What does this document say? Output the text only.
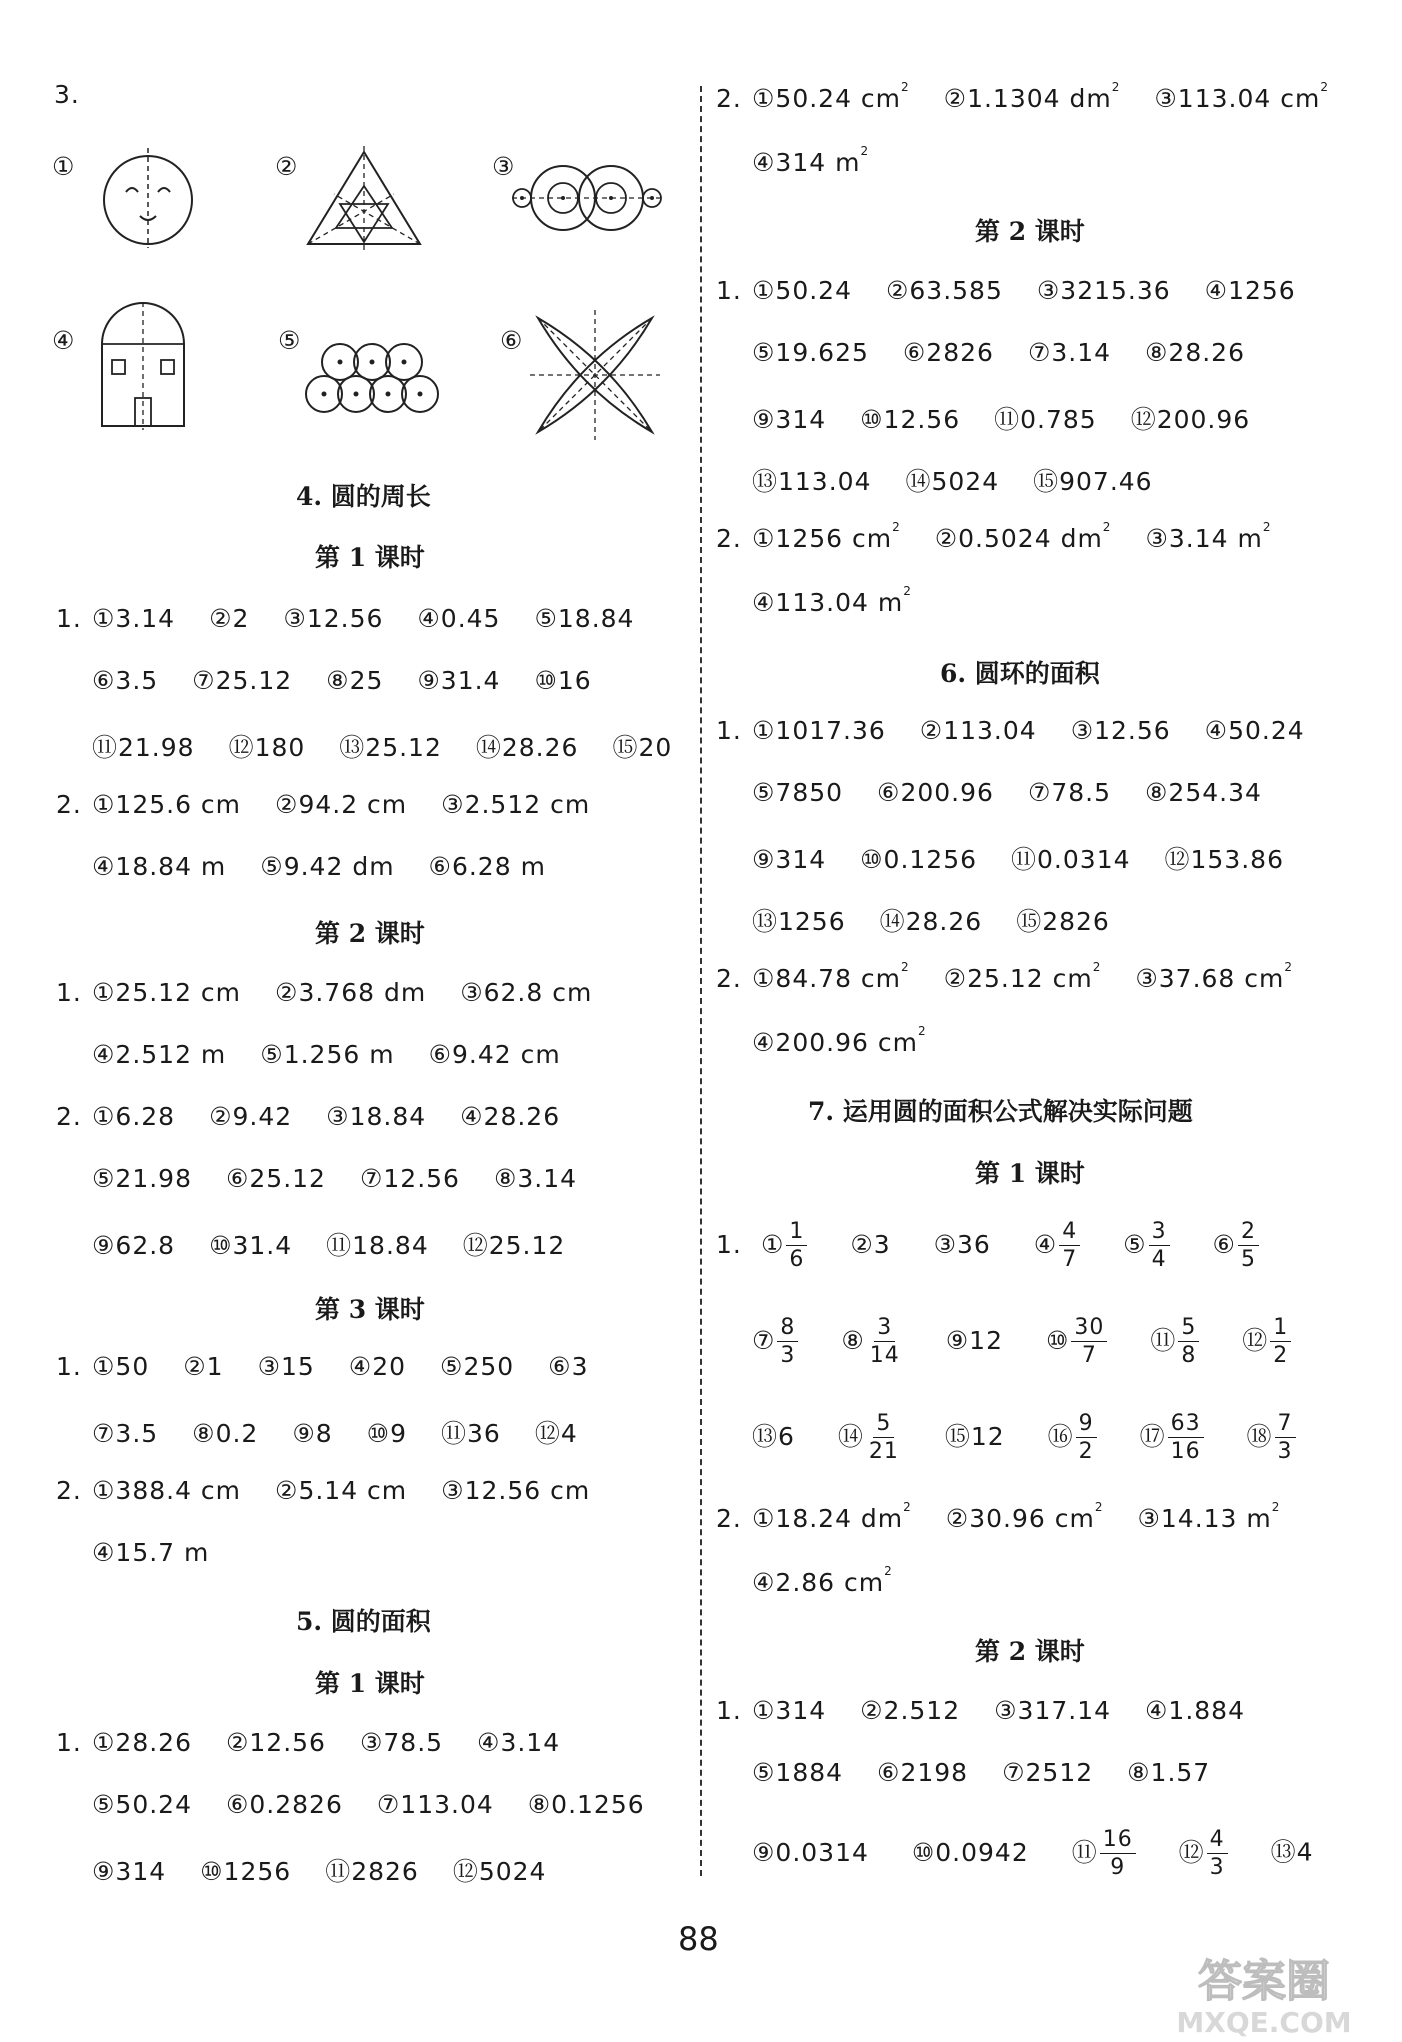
3.
①	②	③
④	⑤	⑥
4. 圆的周长
第 1 课时
1. ①3.14 ②2 ③12.56 ④0.45 ⑤18.84
⑥3.5 ⑦25.12 ⑧25 ⑨31.4 ⑩16
⑪21.98 ⑫180 ⑬25.12 ⑭28.26 ⑮20
2. ①125.6 cm ②94.2 cm ③2.512 cm
④18.84 m ⑤9.42 dm ⑥6.28 m
第 2 课时
1. ①25.12 cm ②3.768 dm ③62.8 cm
④2.512 m ⑤1.256 m ⑥9.42 cm
2. ①6.28 ②9.42 ③18.84 ④28.26
⑤21.98 ⑥25.12 ⑦12.56 ⑧3.14
⑨62.8 ⑩31.4 ⑪18.84 ⑫25.12
第 3 课时
1. ①50 ②1 ③15 ④20 ⑤250 ⑥3
⑦3.5 ⑧0.2 ⑨8 ⑩9 ⑪36 ⑫4
2. ①388.4 cm ②5.14 cm ③12.56 cm
④15.7 m
5. 圆的面积
第 1 课时
1. ①28.26 ②12.56 ③78.5 ④3.14
⑤50.24 ⑥0.2826 ⑦113.04 ⑧0.1256
⑨314 ⑩1256 ⑪2826 ⑫5024
2. ①50.24 $cm^2$ ②1.1304 $dm^2$ ③113.04 $cm^2$
④314 $m^2$
第 2 课时
1. ①50.24 ②63.585 ③3215.36 ④1256
⑤19.625 ⑥2826 ⑦3.14 ⑧28.26
⑨314 ⑩12.56 ⑪0.785 ⑫200.96
⑬113.04 ⑭5024 ⑮907.46
2. ①1256 $cm^2$ ②0.5024 $dm^2$ ③3.14 $m^2$
④113.04 $m^2$
6. 圆环的面积
1. ①1017.36 ②113.04 ③12.56 ④50.24
⑤7850 ⑥200.96 ⑦78.5 ⑧254.34
⑨314 ⑩0.1256 ⑪0.0314 ⑫153.86
⑬1256 ⑭28.26 ⑮2826
2. ①84.78 $cm^2$ ②25.12 $cm^2$ ③37.68 $cm^2$
④200.96 $cm^2$
7. 运用圆的面积公式解决实际问题
第 1 课时
1. ① $\frac{1}{6}$ ②3 ③36 ④ $\frac{4}{7}$ ⑤ $\frac{3}{4}$ ⑥ $\frac{2}{5}$
⑦ $\frac{8}{3}$ ⑧ $\frac{3}{14}$ ⑨12 ⑩ $\frac{30}{7}$ ⑪ $\frac{5}{8}$ ⑫ $\frac{1}{2}$
⑬6 ⑭ $\frac{5}{21}$ ⑮12 ⑯ $\frac{9}{2}$ ⑰ $\frac{63}{16}$ ⑱ $\frac{7}{3}$
2. ①18.24 $dm^2$ ②30.96 $cm^2$ ③14.13 $m^2$
④2.86 $cm^2$
第 2 课时
1. ①314 ②2.512 ③317.14 ④1.884
⑤1884 ⑥2198 ⑦2512 ⑧1.57
⑨0.0314 ⑩0.0942 ⑪ $\frac{16}{9}$ ⑫ $\frac{4}{3}$ ⑬4
88
答案圈
MXQE.COM
